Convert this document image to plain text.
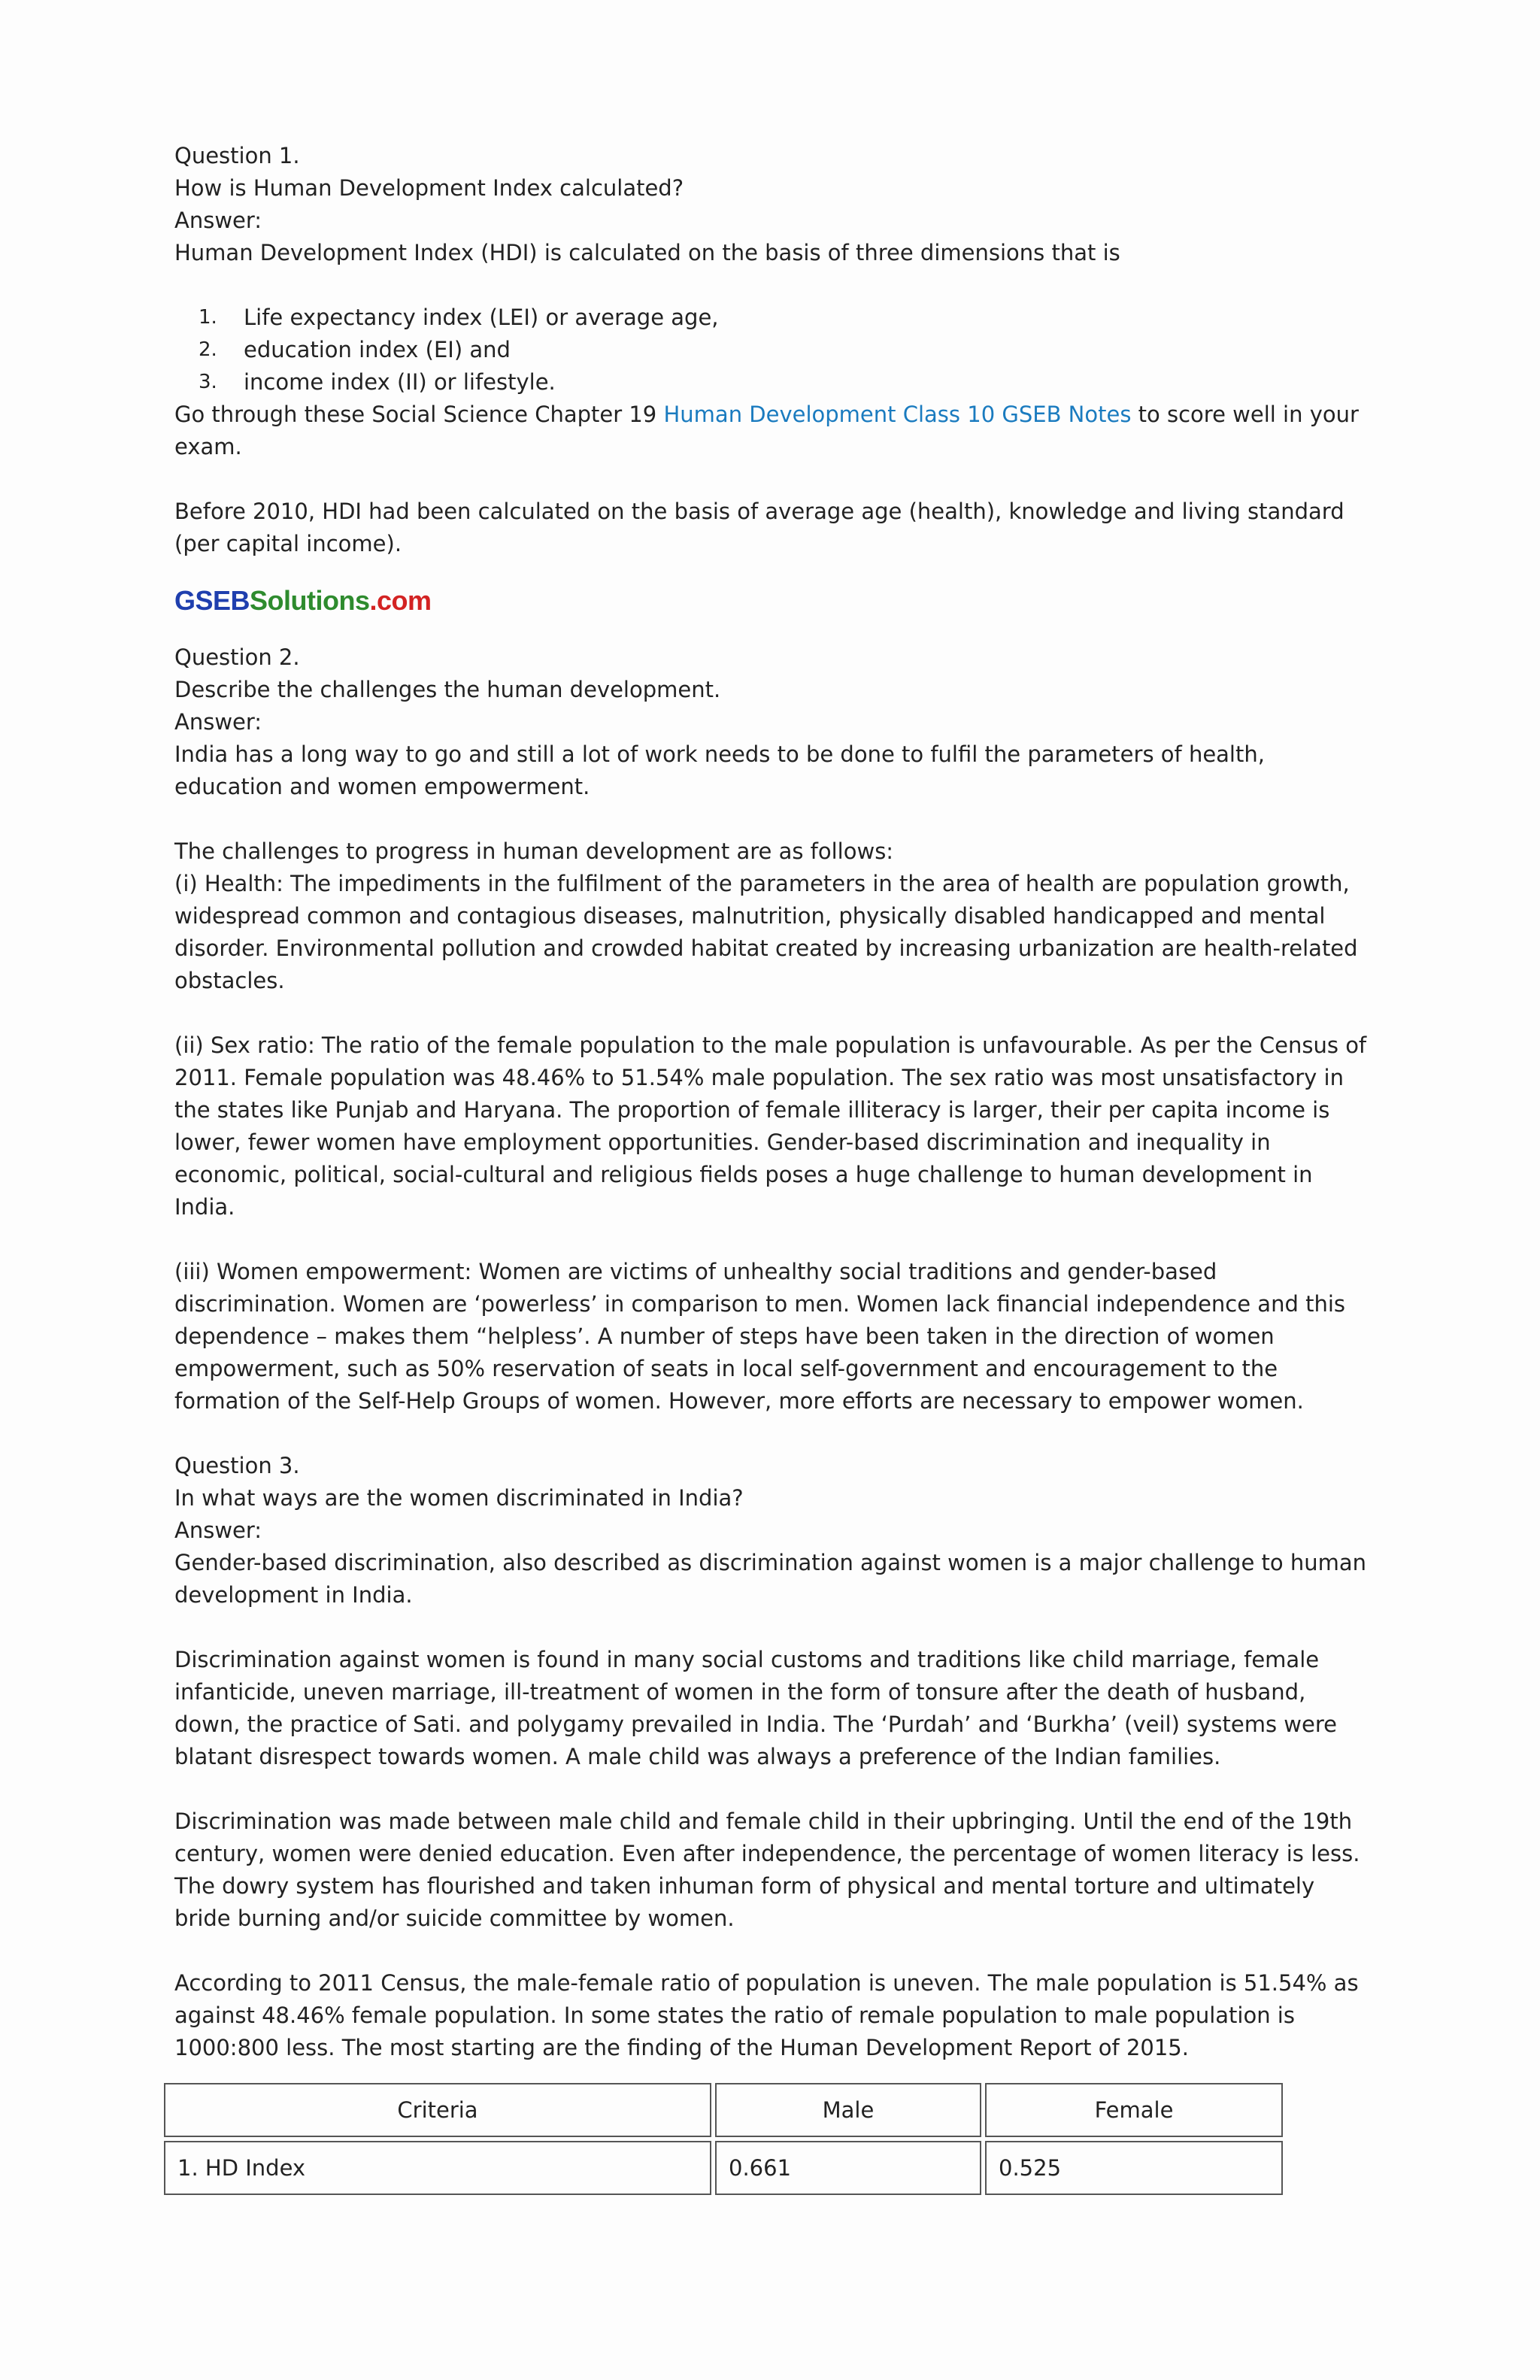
Question 1.

How is Human Development Index calculated?

Answer:

Human Development Index (HDI) is calculated on the basis of three dimensions that is

1. Life expectancy index (LEI) or average age,
2. education index (EI) and
3. income index (II) or lifestyle.

Go through these Social Science Chapter 19 Human Development Class 10 GSEB Notes to score well in your exam.

Before 2010, HDI had been calculated on the basis of average age (health), knowledge and living standard (per capital income).

GSEBSolutions.com

Question 2.

Describe the challenges the human development.

Answer:

India has a long way to go and still a lot of work needs to be done to fulfil the parameters of health, education and women empowerment.

The challenges to progress in human development are as follows:

(i) Health: The impediments in the fulfilment of the parameters in the area of health are population growth, widespread common and contagious diseases, malnutrition, physically disabled handicapped and mental disorder. Environmental pollution and crowded habitat created by increasing urbanization are health-related obstacles.

(ii) Sex ratio: The ratio of the female population to the male population is unfavourable. As per the Census of 2011. Female population was 48.46% to 51.54% male population. The sex ratio was most unsatisfactory in the states like Punjab and Haryana. The proportion of female illiteracy is larger, their per capita income is lower, fewer women have employment opportunities. Gender-based discrimination and inequality in economic, political, social-cultural and religious fields poses a huge challenge to human development in India.

(iii) Women empowerment: Women are victims of unhealthy social traditions and gender-based discrimination. Women are ‘powerless’ in comparison to men. Women lack financial independence and this dependence – makes them “helpless’. A number of steps have been taken in the direction of women empowerment, such as 50% reservation of seats in local self-government and encouragement to the formation of the Self-Help Groups of women. However, more efforts are necessary to empower women.

Question 3.

In what ways are the women discriminated in India?

Answer:

Gender-based discrimination, also described as discrimination against women is a major challenge to human development in India.

Discrimination against women is found in many social customs and traditions like child marriage, female infanticide, uneven marriage, ill-treatment of women in the form of tonsure after the death of husband, down, the practice of Sati. and polygamy prevailed in India. The ‘Purdah’ and ‘Burkha’ (veil) systems were blatant disrespect towards women. A male child was always a preference of the Indian families.

Discrimination was made between male child and female child in their upbringing. Until the end of the 19th century, women were denied education. Even after independence, the percentage of women literacy is less. The dowry system has flourished and taken inhuman form of physical and mental torture and ultimately bride burning and/or suicide committee by women.

According to 2011 Census, the male-female ratio of population is uneven. The male population is 51.54% as against 48.46% female population. In some states the ratio of remale population to male population is 1000:800 less. The most starting are the finding of the Human Development Report of 2015.

Criteria	Male	Female
1. HD Index	0.661	0.525
